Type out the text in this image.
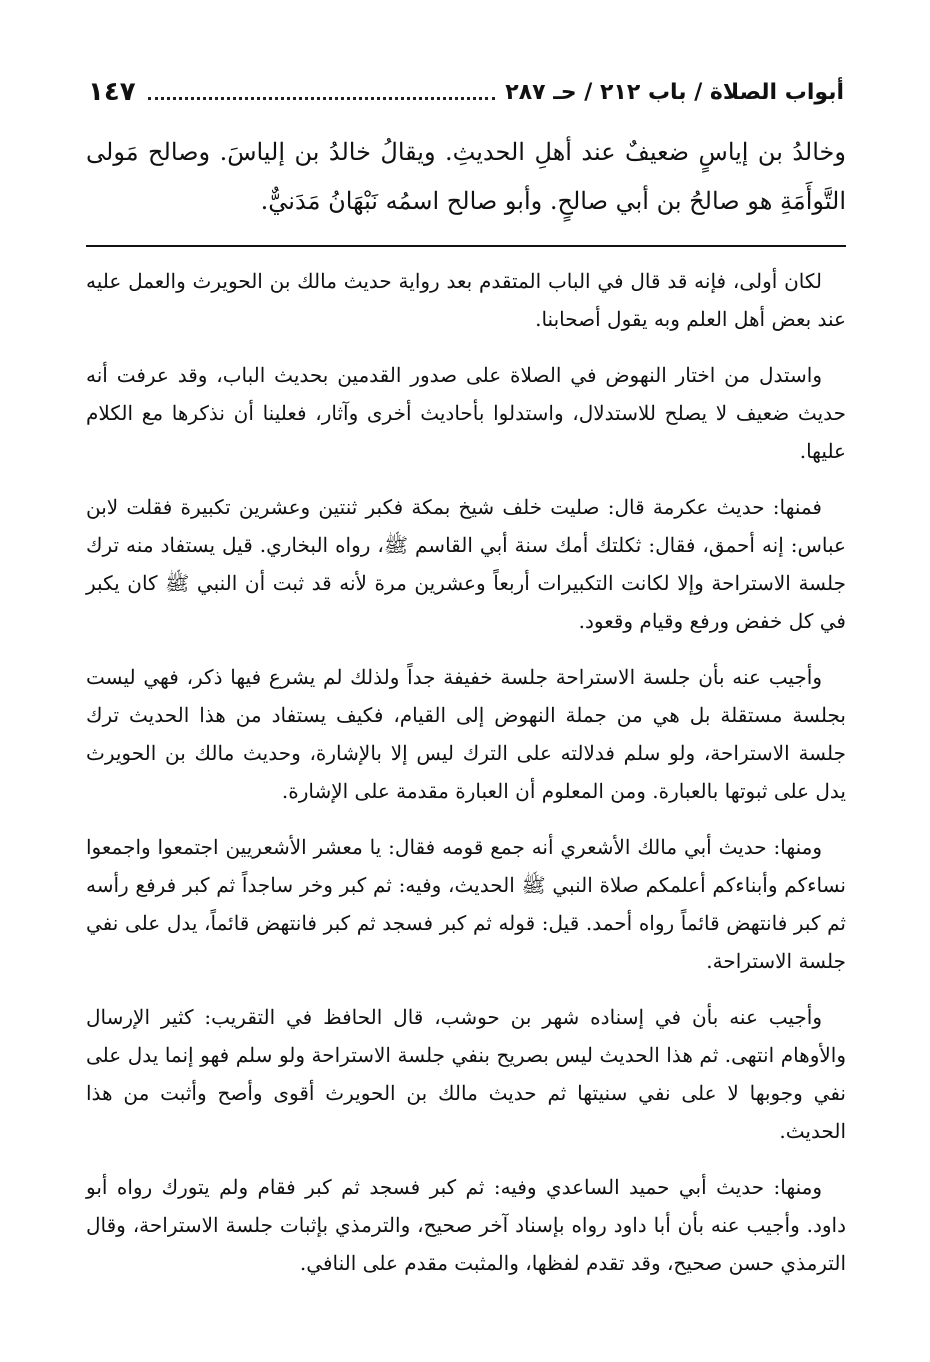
١٤٧	أبواب الصلاة / باب ٢١٢ / حـ ٢٨٧
وخالدُ بن إياسٍ ضعيفٌ عند أهلِ الحديثِ. ويقالُ خالدُ بن إلياسَ. وصالح مَولى التَّوأَمَةِ هو صالحُ بن أبي صالحٍ. وأبو صالح اسمُه نَبْهَانُ مَدَنيٌّ.

لكان أولى، فإنه قد قال في الباب المتقدم بعد رواية حديث مالك بن الحويرث والعمل عليه عند بعض أهل العلم وبه يقول أصحابنا.

واستدل من اختار النهوض في الصلاة على صدور القدمين بحديث الباب، وقد عرفت أنه حديث ضعيف لا يصلح للاستدلال، واستدلوا بأحاديث أخرى وآثار، فعلينا أن نذكرها مع الكلام عليها.

فمنها: حديث عكرمة قال: صليت خلف شيخ بمكة فكبر ثنتين وعشرين تكبيرة فقلت لابن عباس: إنه أحمق، فقال: ثكلتك أمك سنة أبي القاسم ﷺ، رواه البخاري. قيل يستفاد منه ترك جلسة الاستراحة وإلا لكانت التكبيرات أربعاً وعشرين مرة لأنه قد ثبت أن النبي ﷺ كان يكبر في كل خفض ورفع وقيام وقعود.

وأجيب عنه بأن جلسة الاستراحة جلسة خفيفة جداً ولذلك لم يشرع فيها ذكر، فهي ليست بجلسة مستقلة بل هي من جملة النهوض إلى القيام، فكيف يستفاد من هذا الحديث ترك جلسة الاستراحة، ولو سلم فدلالته على الترك ليس إلا بالإشارة، وحديث مالك بن الحويرث يدل على ثبوتها بالعبارة. ومن المعلوم أن العبارة مقدمة على الإشارة.

ومنها: حديث أبي مالك الأشعري أنه جمع قومه فقال: يا معشر الأشعريين اجتمعوا واجمعوا نساءكم وأبناءكم أعلمكم صلاة النبي ﷺ الحديث، وفيه: ثم كبر وخر ساجداً ثم كبر فرفع رأسه ثم كبر فانتهض قائماً رواه أحمد. قيل: قوله ثم كبر فسجد ثم كبر فانتهض قائماً، يدل على نفي جلسة الاستراحة.

وأجيب عنه بأن في إسناده شهر بن حوشب، قال الحافظ في التقريب: كثير الإرسال والأوهام انتهى. ثم هذا الحديث ليس بصريح بنفي جلسة الاستراحة ولو سلم فهو إنما يدل على نفي وجوبها لا على نفي سنيتها ثم حديث مالك بن الحويرث أقوى وأصح وأثبت من هذا الحديث.

ومنها: حديث أبي حميد الساعدي وفيه: ثم كبر فسجد ثم كبر فقام ولم يتورك رواه أبو داود. وأجيب عنه بأن أبا داود رواه بإسناد آخر صحيح، والترمذي بإثبات جلسة الاستراحة، وقال الترمذي حسن صحيح، وقد تقدم لفظها، والمثبت مقدم على النافي.
